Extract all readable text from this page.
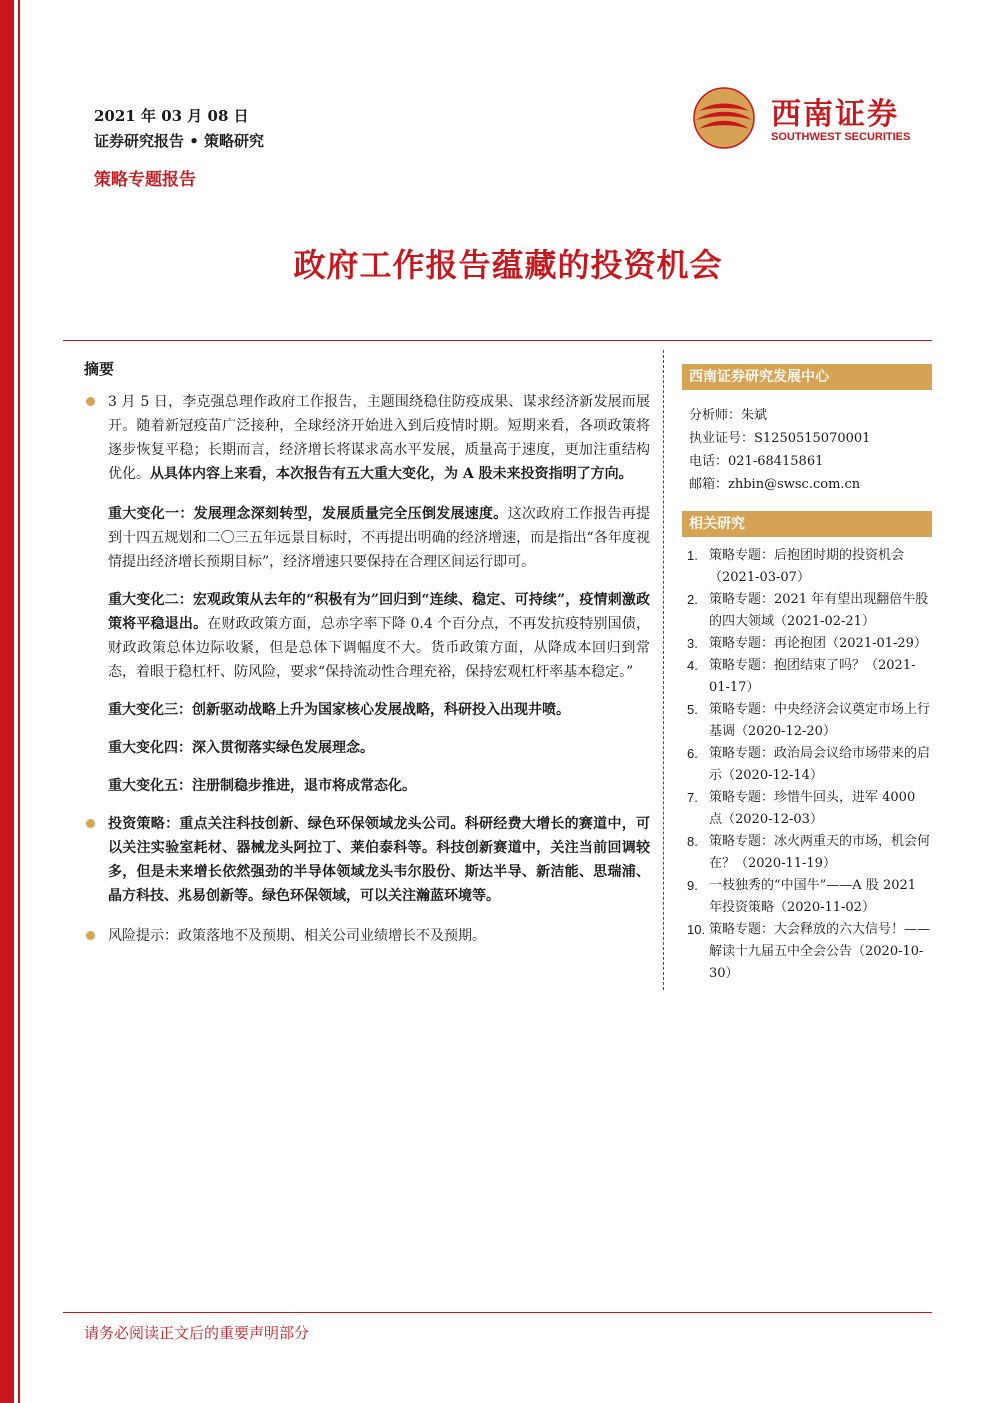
2021 年 03 月 08 日
证券研究报告 • 策略研究
策略专题报告
西南证券
SOUTHWEST SECURITIES
政府工作报告蕴藏的投资机会
摘要

3 月 5 日，李克强总理作政府工作报告，主题围绕稳住防疫成果、谋求经济新发展而展开。随着新冠疫苗广泛接种，全球经济开始进入到后疫情时期。短期来看，各项政策将逐步恢复平稳；长期而言，经济增长将谋求高水平发展，质量高于速度，更加注重结构优化。从具体内容上来看，本次报告有五大重大变化，为 A 股未来投资指明了方向。

重大变化一：发展理念深刻转型，发展质量完全压倒发展速度。这次政府工作报告再提到十四五规划和二〇三五年远景目标时，不再提出明确的经济增速，而是指出“各年度视情提出经济增长预期目标”，经济增速只要保持在合理区间运行即可。

重大变化二：宏观政策从去年的“积极有为”回归到“连续、稳定、可持续”，疫情刺激政策将平稳退出。在财政政策方面，总赤字率下降 0.4 个百分点，不再发抗疫特别国债，财政政策总体边际收紧，但是总体下调幅度不大。货币政策方面，从降成本回归到常态，着眼于稳杠杆、防风险，要求“保持流动性合理充裕，保持宏观杠杆率基本稳定。”

重大变化三：创新驱动战略上升为国家核心发展战略，科研投入出现井喷。

重大变化四：深入贯彻落实绿色发展理念。

重大变化五：注册制稳步推进，退市将成常态化。

投资策略：重点关注科技创新、绿色环保领域龙头公司。科研经费大增长的赛道中，可以关注实验室耗材、器械龙头阿拉丁、莱伯泰科等。科技创新赛道中，关注当前回调较多，但是未来增长依然强劲的半导体领域龙头韦尔股份、斯达半导、新洁能、思瑞浦、晶方科技、兆易创新等。绿色环保领域，可以关注瀚蓝环境等。

风险提示：政策落地不及预期、相关公司业绩增长不及预期。

西南证券研究发展中心
分析师：朱斌
执业证号：S1250515070001
电话：021-68415861
邮箱：zhbin@swsc.com.cn
相关研究
1. 策略专题：后抱团时期的投资机会（2021-03-07）
2. 策略专题：2021 年有望出现翻倍牛股的四大领域（2021-02-21）
3. 策略专题：再论抱团（2021-01-29）
4. 策略专题：抱团结束了吗？（2021-01-17）
5. 策略专题：中央经济会议奠定市场上行基调（2020-12-20）
6. 策略专题：政治局会议给市场带来的启示（2020-12-14）
7. 策略专题：珍惜牛回头，进军 4000 点（2020-12-03）
8. 策略专题：冰火两重天的市场，机会何在？（2020-11-19）
9. 一枝独秀的“中国牛”——A 股 2021 年投资策略（2020-11-02）
10. 策略专题：大会释放的六大信号！——解读十九届五中全会公告（2020-10-30）
请务必阅读正文后的重要声明部分
